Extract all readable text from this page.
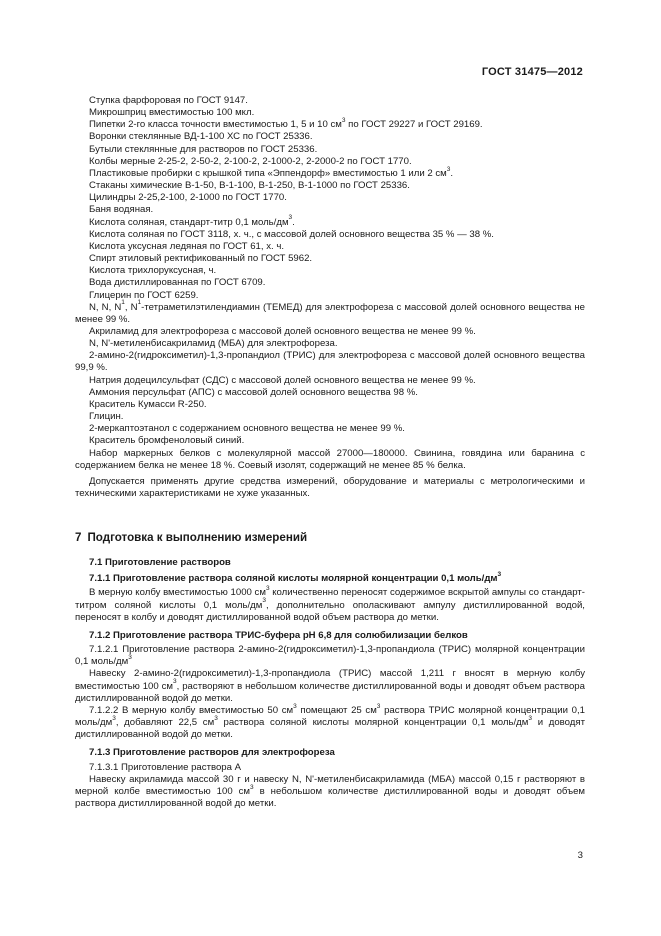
ГОСТ 31475—2012

Ступка фарфоровая по ГОСТ 9147.

Микрошприц вместимостью 100 мкл.

Пипетки 2-го класса точности вместимостью 1, 5 и 10 $см^3$ по ГОСТ 29227 и ГОСТ 29169.

Воронки стеклянные ВД-1-100 ХС по ГОСТ 25336.

Бутыли стеклянные для растворов по ГОСТ 25336.

Колбы мерные 2-25-2, 2-50-2, 2-100-2, 2-1000-2, 2-2000-2 по ГОСТ 1770.

Пластиковые пробирки с крышкой типа «Эппендорф» вместимостью 1 или 2 $см^3$.

Стаканы химические В-1-50, В-1-100, В-1-250, В-1-1000 по ГОСТ 25336.

Цилиндры 2-25,2-100, 2-1000 по ГОСТ 1770.

Баня водяная.

Кислота соляная, стандарт-титр 0,1 моль/$дм^3$.

Кислота соляная по ГОСТ 3118, х. ч., с массовой долей основного вещества 35 % — 38 %.

Кислота уксусная ледяная по ГОСТ 61, х. ч.

Спирт этиловый ректификованный по ГОСТ 5962.

Кислота трихлоруксусная, ч.

Вода дистиллированная по ГОСТ 6709.

Глицерин по ГОСТ 6259.

N, N, $N^1$, $N^1$-тетраметилэтилендиамин (ТЕМЕД) для электрофореза с массовой долей основного вещества не менее 99 %.

Акриламид для электрофореза с массовой долей основного вещества не менее 99 %.

N, N'-метиленбисакриламид (МБА) для электрофореза.

2-амино-2(гидроксиметил)-1,3-пропандиол (ТРИС) для электрофореза с массовой долей основного вещества 99,9 %.

Натрия додецилсульфат (СДС) с массовой долей основного вещества не менее 99 %.

Аммония персульфат (АПС) с массовой долей основного вещества 98 %.

Краситель Кумасси R-250.

Глицин.

2-меркаптоэтанол с содержанием основного вещества не менее 99 %.

Краситель бромфеноловый синий.

Набор маркерных белков с молекулярной массой 27000—180000. Свинина, говядина или баранина с содержанием белка не менее 18 %. Соевый изолят, содержащий не менее 85 % белка.

Допускается применять другие средства измерений, оборудование и материалы с метрологическими и техническими характеристиками не хуже указанных.

7 Подготовка к выполнению измерений
7.1 Приготовление растворов
7.1.1 Приготовление раствора соляной кислоты молярной концентрации 0,1 моль/$дм^3$

В мерную колбу вместимостью 1000 $см^3$ количественно переносят содержимое вскрытой ампулы со стандарт-титром соляной кислоты 0,1 моль/$дм^3$, дополнительно ополаскивают ампулу дистиллированной водой, переносят в колбу и доводят дистиллированной водой объем раствора до метки.

7.1.2 Приготовление раствора ТРИС-буфера pH 6,8 для солюбилизации белков

7.1.2.1 Приготовление раствора 2-амино-2(гидроксиметил)-1,3-пропандиола (ТРИС) молярной концентрации 0,1 моль/$дм^3$

Навеску 2-амино-2(гидроксиметил)-1,3-пропандиола (ТРИС) массой 1,211 г вносят в мерную колбу вместимостью 100 $см^3$, растворяют в небольшом количестве дистиллированной воды и доводят объем раствора дистиллированной водой до метки.

7.1.2.2 В мерную колбу вместимостью 50 $см^3$ помещают 25 $см^3$ раствора ТРИС молярной концентрации 0,1 моль/$дм^3$, добавляют 22,5 $см^3$ раствора соляной кислоты молярной концентрации 0,1 моль/$дм^3$ и доводят дистиллированной водой до метки.

7.1.3 Приготовление растворов для электрофореза

7.1.3.1 Приготовление раствора А

Навеску акриламида массой 30 г и навеску N, N'-метиленбисакриламида (МБА) массой 0,15 г растворяют в мерной колбе вместимостью 100 $см^3$ в небольшом количестве дистиллированной воды и доводят объем раствора дистиллированной водой до метки.

3
